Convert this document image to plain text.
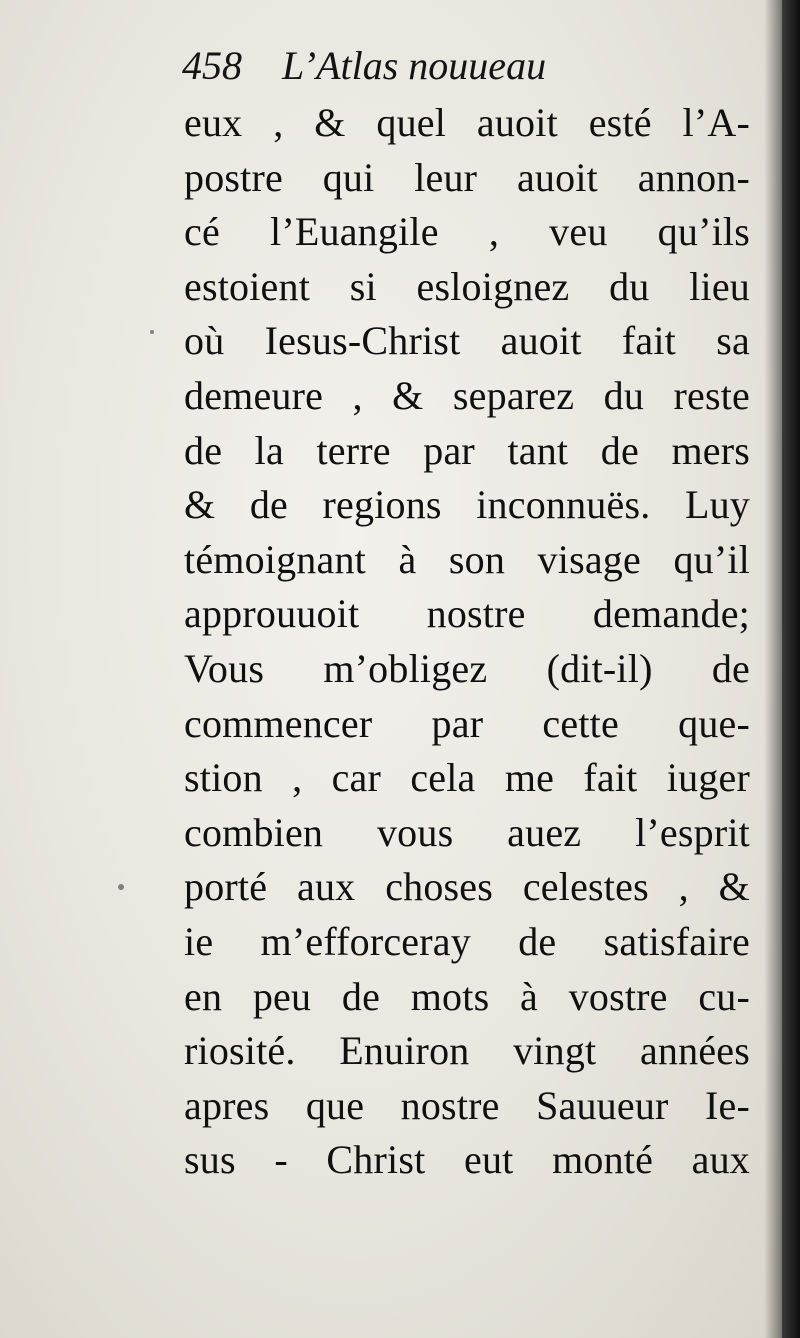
458 L’Atlas nouueau
eux , & quel auoit esté l’A-
postre qui leur auoit annon-
cé l’Euangile , veu qu’ils
estoient si esloignez du lieu
où Iesus-Christ auoit fait sa
demeure , & separez du reste
de la terre par tant de mers
& de regions inconnuës. Luy
témoignant à son visage qu’il
approuuoit nostre demande;
Vous m’obligez (dit-il) de
commencer par cette que-
stion , car cela me fait iuger
combien vous auez l’esprit
porté aux choses celestes , &
ie m’efforceray de satisfaire
en peu de mots à vostre cu-
riosité. Enuiron vingt années
apres que nostre Sauueur Ie-
sus - Christ eut monté aux
